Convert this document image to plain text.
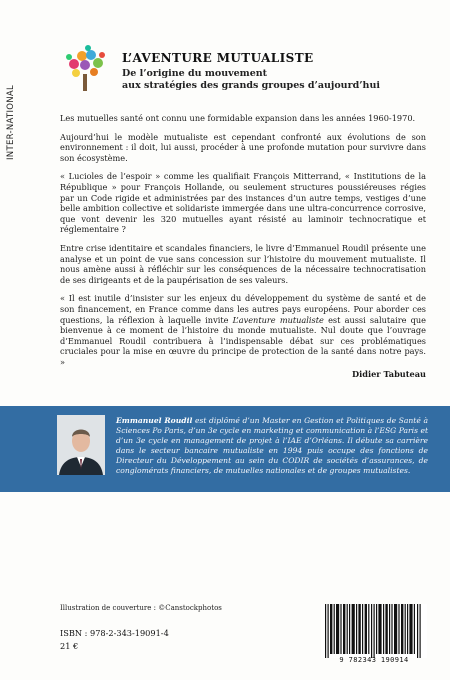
INTER-NATIONAL
L’AVENTURE MUTUALISTE
De l’origine du mouvement
aux stratégies des grands groupes d’aujourd’hui

Les mutuelles santé ont connu une formidable expansion dans les années 1960-1970.

Aujourd’hui le modèle mutualiste est cependant confronté aux évolutions de son environnement : il doit, lui aussi, procéder à une profonde mutation pour survivre dans son écosystème.

« Lucioles de l’espoir » comme les qualifiait François Mitterrand, « Institutions de la République » pour François Hollande, ou seulement structures poussiéreuses régies par un Code rigide et administrées par des instances d’un autre temps, vestiges d’une belle ambition collective et solidariste immergée dans une ultra-concurrence corrosive, que vont devenir les 320 mutuelles ayant résisté au laminoir technocratique et réglementaire ?

Entre crise identitaire et scandales financiers, le livre d’Emmanuel Roudil présente une analyse et un point de vue sans concession sur l’histoire du mouvement mutualiste. Il nous amène aussi à réfléchir sur les conséquences de la nécessaire technocratisation de ses dirigeants et de la paupérisation de ses valeurs.

« Il est inutile d’insister sur les enjeux du développement du système de santé et de son financement, en France comme dans les autres pays européens. Pour aborder ces questions, la réflexion à laquelle invite L’aventure mutualiste est aussi salutaire que bienvenue à ce moment de l’histoire du monde mutualiste. Nul doute que l’ouvrage d’Emmanuel Roudil contribuera à l’indispensable débat sur ces problématiques cruciales pour la mise en œuvre du principe de protection de la santé dans notre pays. »

Didier Tabuteau
Emmanuel Roudil est diplômé d’un Master en Gestion et Politiques de Santé à Sciences Po Paris, d’un 3e cycle en marketing et communication à l’ESG Paris et d’un 3e cycle en management de projet à l’IAE d’Orléans. Il débute sa carrière dans le secteur bancaire mutualiste en 1994 puis occupe des fonctions de Directeur du Développement au sein du CODIR de sociétés d’assurances, de conglomérats financiers, de mutuelles nationales et de groupes mutualistes.
Illustration de couverture : ©Canstockphotos
ISBN : 978-2-343-19091-4
21 €
9 782343 190914
